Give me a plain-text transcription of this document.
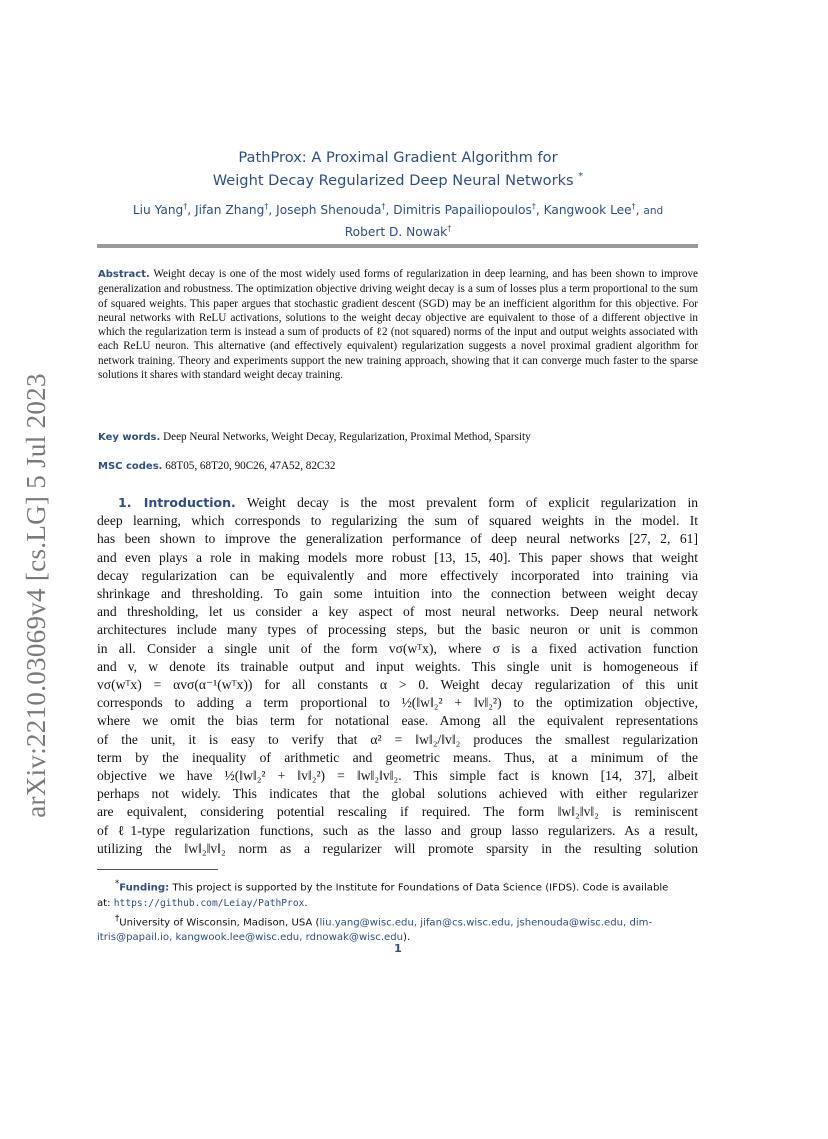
arXiv:2210.03069v4 [cs.LG] 5 Jul 2023
PathProx: A Proximal Gradient Algorithm for
Weight Decay Regularized Deep Neural Networks *
Liu Yang†, Jifan Zhang†, Joseph Shenouda†, Dimitris Papailiopoulos†, Kangwook Lee†, and
Robert D. Nowak†
Abstract. Weight decay is one of the most widely used forms of regularization in deep learning, and has been shown to improve generalization and robustness. The optimization objective driving weight decay is a sum of losses plus a term proportional to the sum of squared weights. This paper argues that stochastic gradient descent (SGD) may be an inefficient algorithm for this objective. For neural networks with ReLU activations, solutions to the weight decay objective are equivalent to those of a different objective in which the regularization term is instead a sum of products of ℓ2 (not squared) norms of the input and output weights associated with each ReLU neuron. This alternative (and effectively equivalent) regularization suggests a novel proximal gradient algorithm for network training. Theory and experiments support the new training approach, showing that it can converge much faster to the sparse solutions it shares with standard weight decay training.
Key words. Deep Neural Networks, Weight Decay, Regularization, Proximal Method, Sparsity
MSC codes. 68T05, 68T20, 90C26, 47A52, 82C32
1. Introduction. Weight decay is the most prevalent form of explicit regularization in
deep learning, which corresponds to regularizing the sum of squared weights in the model. It
has been shown to improve the generalization performance of deep neural networks [27, 2, 61]
and even plays a role in making models more robust [13, 15, 40]. This paper shows that weight
decay regularization can be equivalently and more effectively incorporated into training via
shrinkage and thresholding. To gain some intuition into the connection between weight decay
and thresholding, let us consider a key aspect of most neural networks. Deep neural network
architectures include many types of processing steps, but the basic neuron or unit is common
in all. Consider a single unit of the form vσ(wᵀx), where σ is a fixed activation function
and v, w denote its trainable output and input weights. This single unit is homogeneous if
vσ(wᵀx) = αvσ(α⁻¹(wᵀx)) for all constants α > 0. Weight decay regularization of this unit
corresponds to adding a term proportional to ½(‖w‖₂² + ‖v‖₂²) to the optimization objective,
where we omit the bias term for notational ease. Among all the equivalent representations
of the unit, it is easy to verify that α² = ‖w‖₂/‖v‖₂ produces the smallest regularization
term by the inequality of arithmetic and geometric means. Thus, at a minimum of the
objective we have ½(‖w‖₂² + ‖v‖₂²) = ‖w‖₂‖v‖₂. This simple fact is known [14, 37], albeit
perhaps not widely. This indicates that the global solutions achieved with either regularizer
are equivalent, considering potential rescaling if required. The form ‖w‖₂‖v‖₂ is reminiscent
of ℓ1-type regularization functions, such as the lasso and group lasso regularizers. As a result,
utilizing the ‖w‖₂‖v‖₂ norm as a regularizer will promote sparsity in the resulting solution
*Funding: This project is supported by the Institute for Foundations of Data Science (IFDS). Code is available
at: https://github.com/Leiay/PathProx.
†University of Wisconsin, Madison, USA (liu.yang@wisc.edu, jifan@cs.wisc.edu, jshenouda@wisc.edu, dim-
itris@papail.io, kangwook.lee@wisc.edu, rdnowak@wisc.edu).
1
